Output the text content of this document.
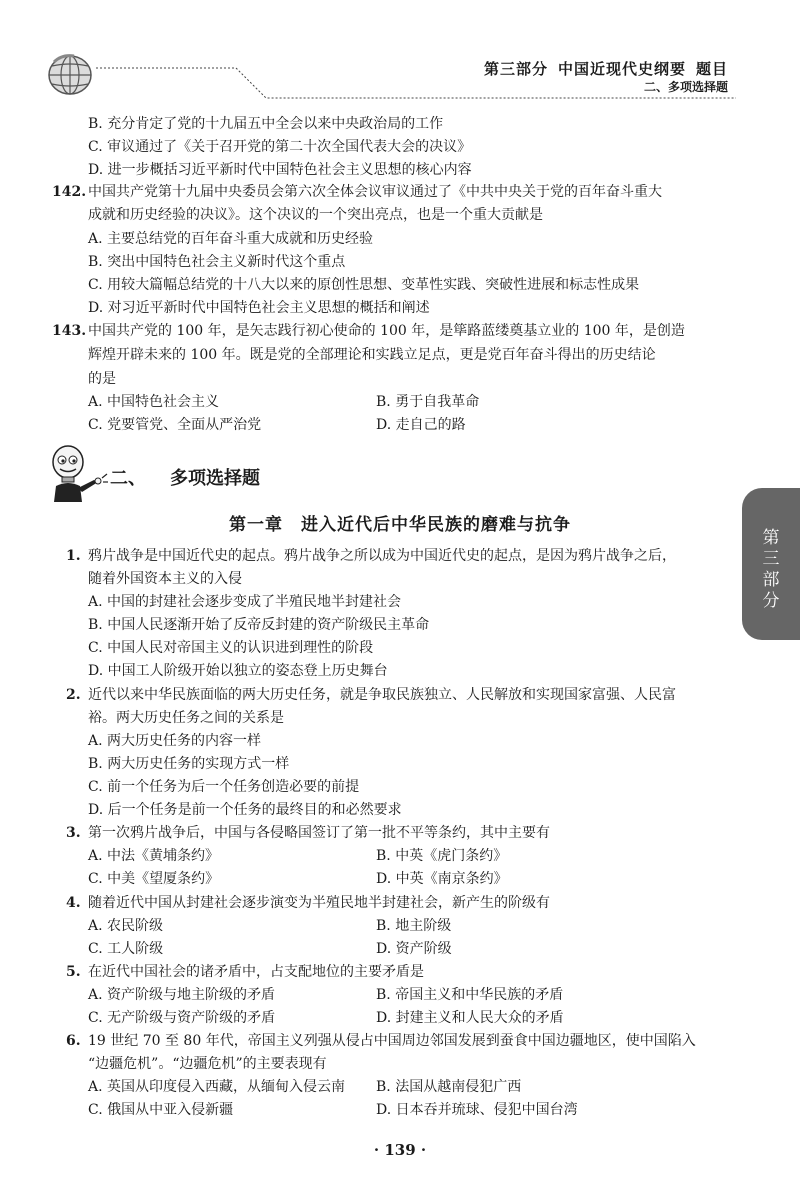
第三部分 中国近现代史纲要 题目
二、多项选择题
B. 充分肯定了党的十九届五中全会以来中央政治局的工作
C. 审议通过了《关于召开党的第二十次全国代表大会的决议》
D. 进一步概括习近平新时代中国特色社会主义思想的核心内容
142. 中国共产党第十九届中央委员会第六次全体会议审议通过了《中共中央关于党的百年奋斗重大
成就和历史经验的决议》。这个决议的一个突出亮点，也是一个重大贡献是
A. 主要总结党的百年奋斗重大成就和历史经验
B. 突出中国特色社会主义新时代这个重点
C. 用较大篇幅总结党的十八大以来的原创性思想、变革性实践、突破性进展和标志性成果
D. 对习近平新时代中国特色社会主义思想的概括和阐述
143. 中国共产党的 100 年，是矢志践行初心使命的 100 年，是筚路蓝缕奠基立业的 100 年，是创造
辉煌开辟未来的 100 年。既是党的全部理论和实践立足点，更是党百年奋斗得出的历史结论
的是
A. 中国特色社会主义	B. 勇于自我革命
C. 党要管党、全面从严治党	D. 走自己的路
二、 多项选择题
第一章 进入近代后中华民族的磨难与抗争
1. 鸦片战争是中国近代史的起点。鸦片战争之所以成为中国近代史的起点，是因为鸦片战争之后，
随着外国资本主义的入侵
A. 中国的封建社会逐步变成了半殖民地半封建社会
B. 中国人民逐渐开始了反帝反封建的资产阶级民主革命
C. 中国人民对帝国主义的认识进到理性的阶段
D. 中国工人阶级开始以独立的姿态登上历史舞台
2. 近代以来中华民族面临的两大历史任务，就是争取民族独立、人民解放和实现国家富强、人民富
裕。两大历史任务之间的关系是
A. 两大历史任务的内容一样
B. 两大历史任务的实现方式一样
C. 前一个任务为后一个任务创造必要的前提
D. 后一个任务是前一个任务的最终目的和必然要求
3. 第一次鸦片战争后，中国与各侵略国签订了第一批不平等条约，其中主要有
A. 中法《黄埔条约》	B. 中英《虎门条约》
C. 中美《望厦条约》	D. 中英《南京条约》
4. 随着近代中国从封建社会逐步演变为半殖民地半封建社会，新产生的阶级有
A. 农民阶级	B. 地主阶级
C. 工人阶级	D. 资产阶级
5. 在近代中国社会的诸矛盾中，占支配地位的主要矛盾是
A. 资产阶级与地主阶级的矛盾	B. 帝国主义和中华民族的矛盾
C. 无产阶级与资产阶级的矛盾	D. 封建主义和人民大众的矛盾
6. 19 世纪 70 至 80 年代，帝国主义列强从侵占中国周边邻国发展到蚕食中国边疆地区，使中国陷入
“边疆危机”。“边疆危机”的主要表现有
A. 英国从印度侵入西藏，从缅甸入侵云南 B. 法国从越南侵犯广西
C. 俄国从中亚入侵新疆	D. 日本吞并琉球、侵犯中国台湾
第三部分
· 139 ·
